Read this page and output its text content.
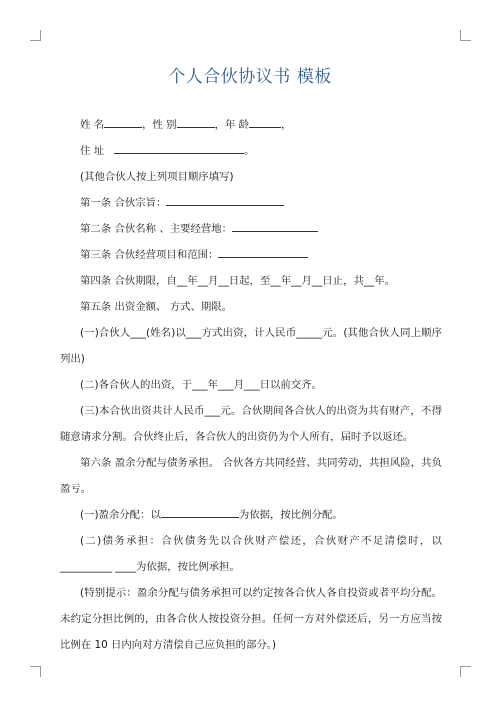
个人合伙协议书 模板

姓 名	，性 别	，年 龄	，

住 址	。

(其他合伙人按上列项目顺序填写)

第一条 合伙宗旨：

第二条 合伙名称 、主要经营地：

第三条 合伙经营项目和范围：

第四条 合伙期限，自__年__月__日起，至__年__月__日止，共__年。

第五条 出资金额、 方式、期限。

(一)合伙人___(姓名)以___方式出资，计人民币_____元。(其他合伙人同上顺序列出)

(二)各合伙人的出资，于___年___月___日以前交齐。

(三)本合伙出资共计人民币___元。合伙期间各合伙人的出资为共有财产，不得随意请求分割。合伙终止后，各合伙人的出资仍为个人所有，届时予以返还。

第六条 盈余分配与债务承担。 合伙各方共同经营、共同劳动，共担风险，共负盈亏。

(一)盈余分配：以	为依据，按比例分配。

(二)债务承担：合伙债务先以合伙财产偿还，合伙财产不足清偿时，以__________ ____为依据，按比例承担。

(特别提示：盈余分配与债务承担可以约定按各合伙人各自投资或者平均分配。未约定分担比例的，由各合伙人按投资分担。任何一方对外偿还后，另一方应当按比例在 10 日内向对方清偿自己应负担的部分。)
